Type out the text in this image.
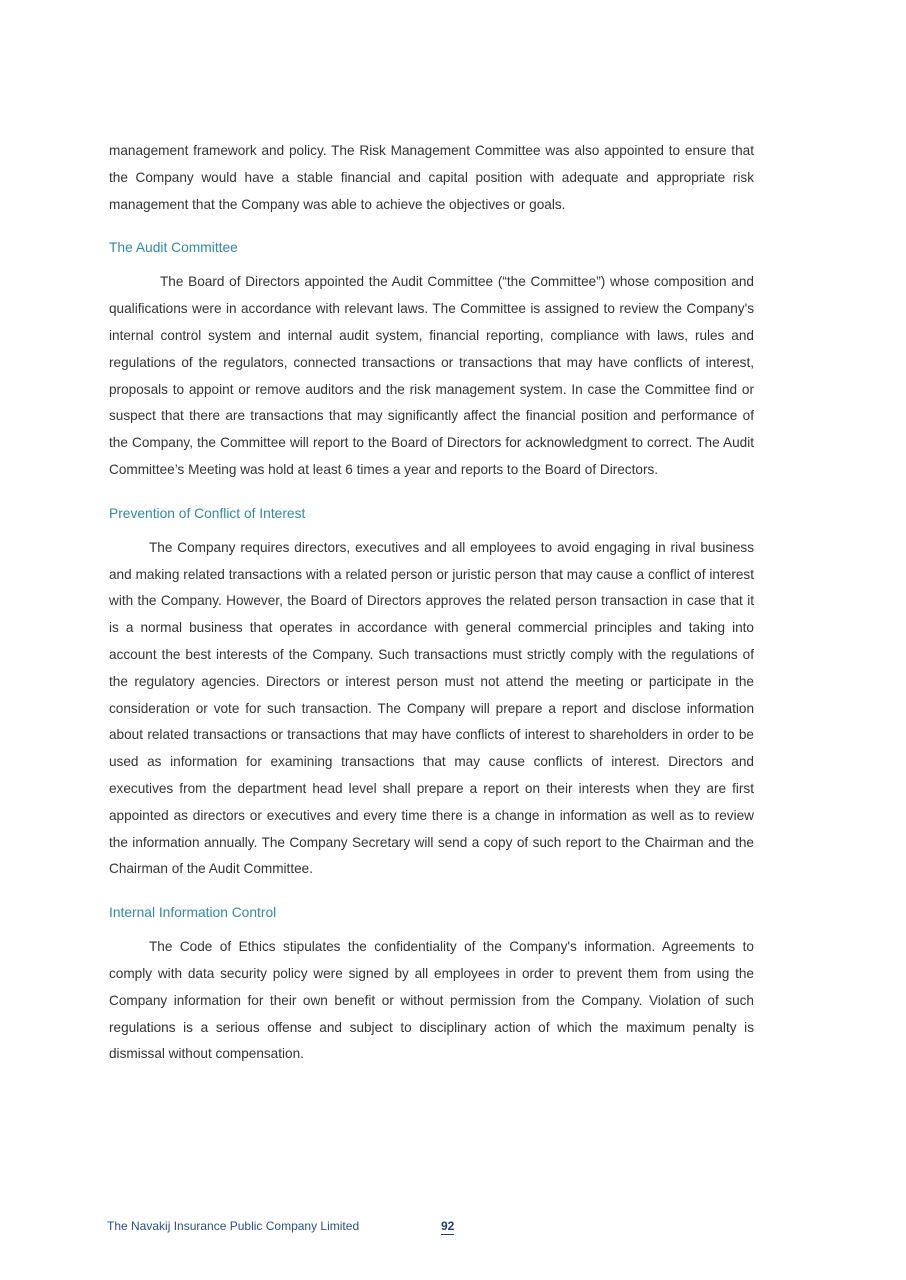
management framework and policy. The Risk Management Committee was also appointed to ensure that the Company would have a stable financial and capital position with adequate and appropriate risk management that the Company was able to achieve the objectives or goals.

The Audit Committee

The Board of Directors appointed the Audit Committee (“the Committee”) whose composition and qualifications were in accordance with relevant laws. The Committee is assigned to review the Company's internal control system and internal audit system, financial reporting, compliance with laws, rules and regulations of the regulators, connected transactions or transactions that may have conflicts of interest, proposals to appoint or remove auditors and the risk management system. In case the Committee find or suspect that there are transactions that may significantly affect the financial position and performance of the Company, the Committee will report to the Board of Directors for acknowledgment to correct. The Audit Committee’s Meeting was hold at least 6 times a year and reports to the Board of Directors.

Prevention of Conflict of Interest

The Company requires directors, executives and all employees to avoid engaging in rival business and making related transactions with a related person or juristic person that may cause a conflict of interest with the Company. However, the Board of Directors approves the related person transaction in case that it is a normal business that operates in accordance with general commercial principles and taking into account the best interests of the Company. Such transactions must strictly comply with the regulations of the regulatory agencies. Directors or interest person must not attend the meeting or participate in the consideration or vote for such transaction. The Company will prepare a report and disclose information about related transactions or transactions that may have conflicts of interest to shareholders in order to be used as information for examining transactions that may cause conflicts of interest. Directors and executives from the department head level shall prepare a report on their interests when they are first appointed as directors or executives and every time there is a change in information as well as to review the information annually. The Company Secretary will send a copy of such report to the Chairman and the Chairman of the Audit Committee.

Internal Information Control

The Code of Ethics stipulates the confidentiality of the Company's information. Agreements to comply with data security policy were signed by all employees in order to prevent them from using the Company information for their own benefit or without permission from the Company. Violation of such regulations is a serious offense and subject to disciplinary action of which the maximum penalty is dismissal without compensation.

The Navakij Insurance Public Company Limited	92
